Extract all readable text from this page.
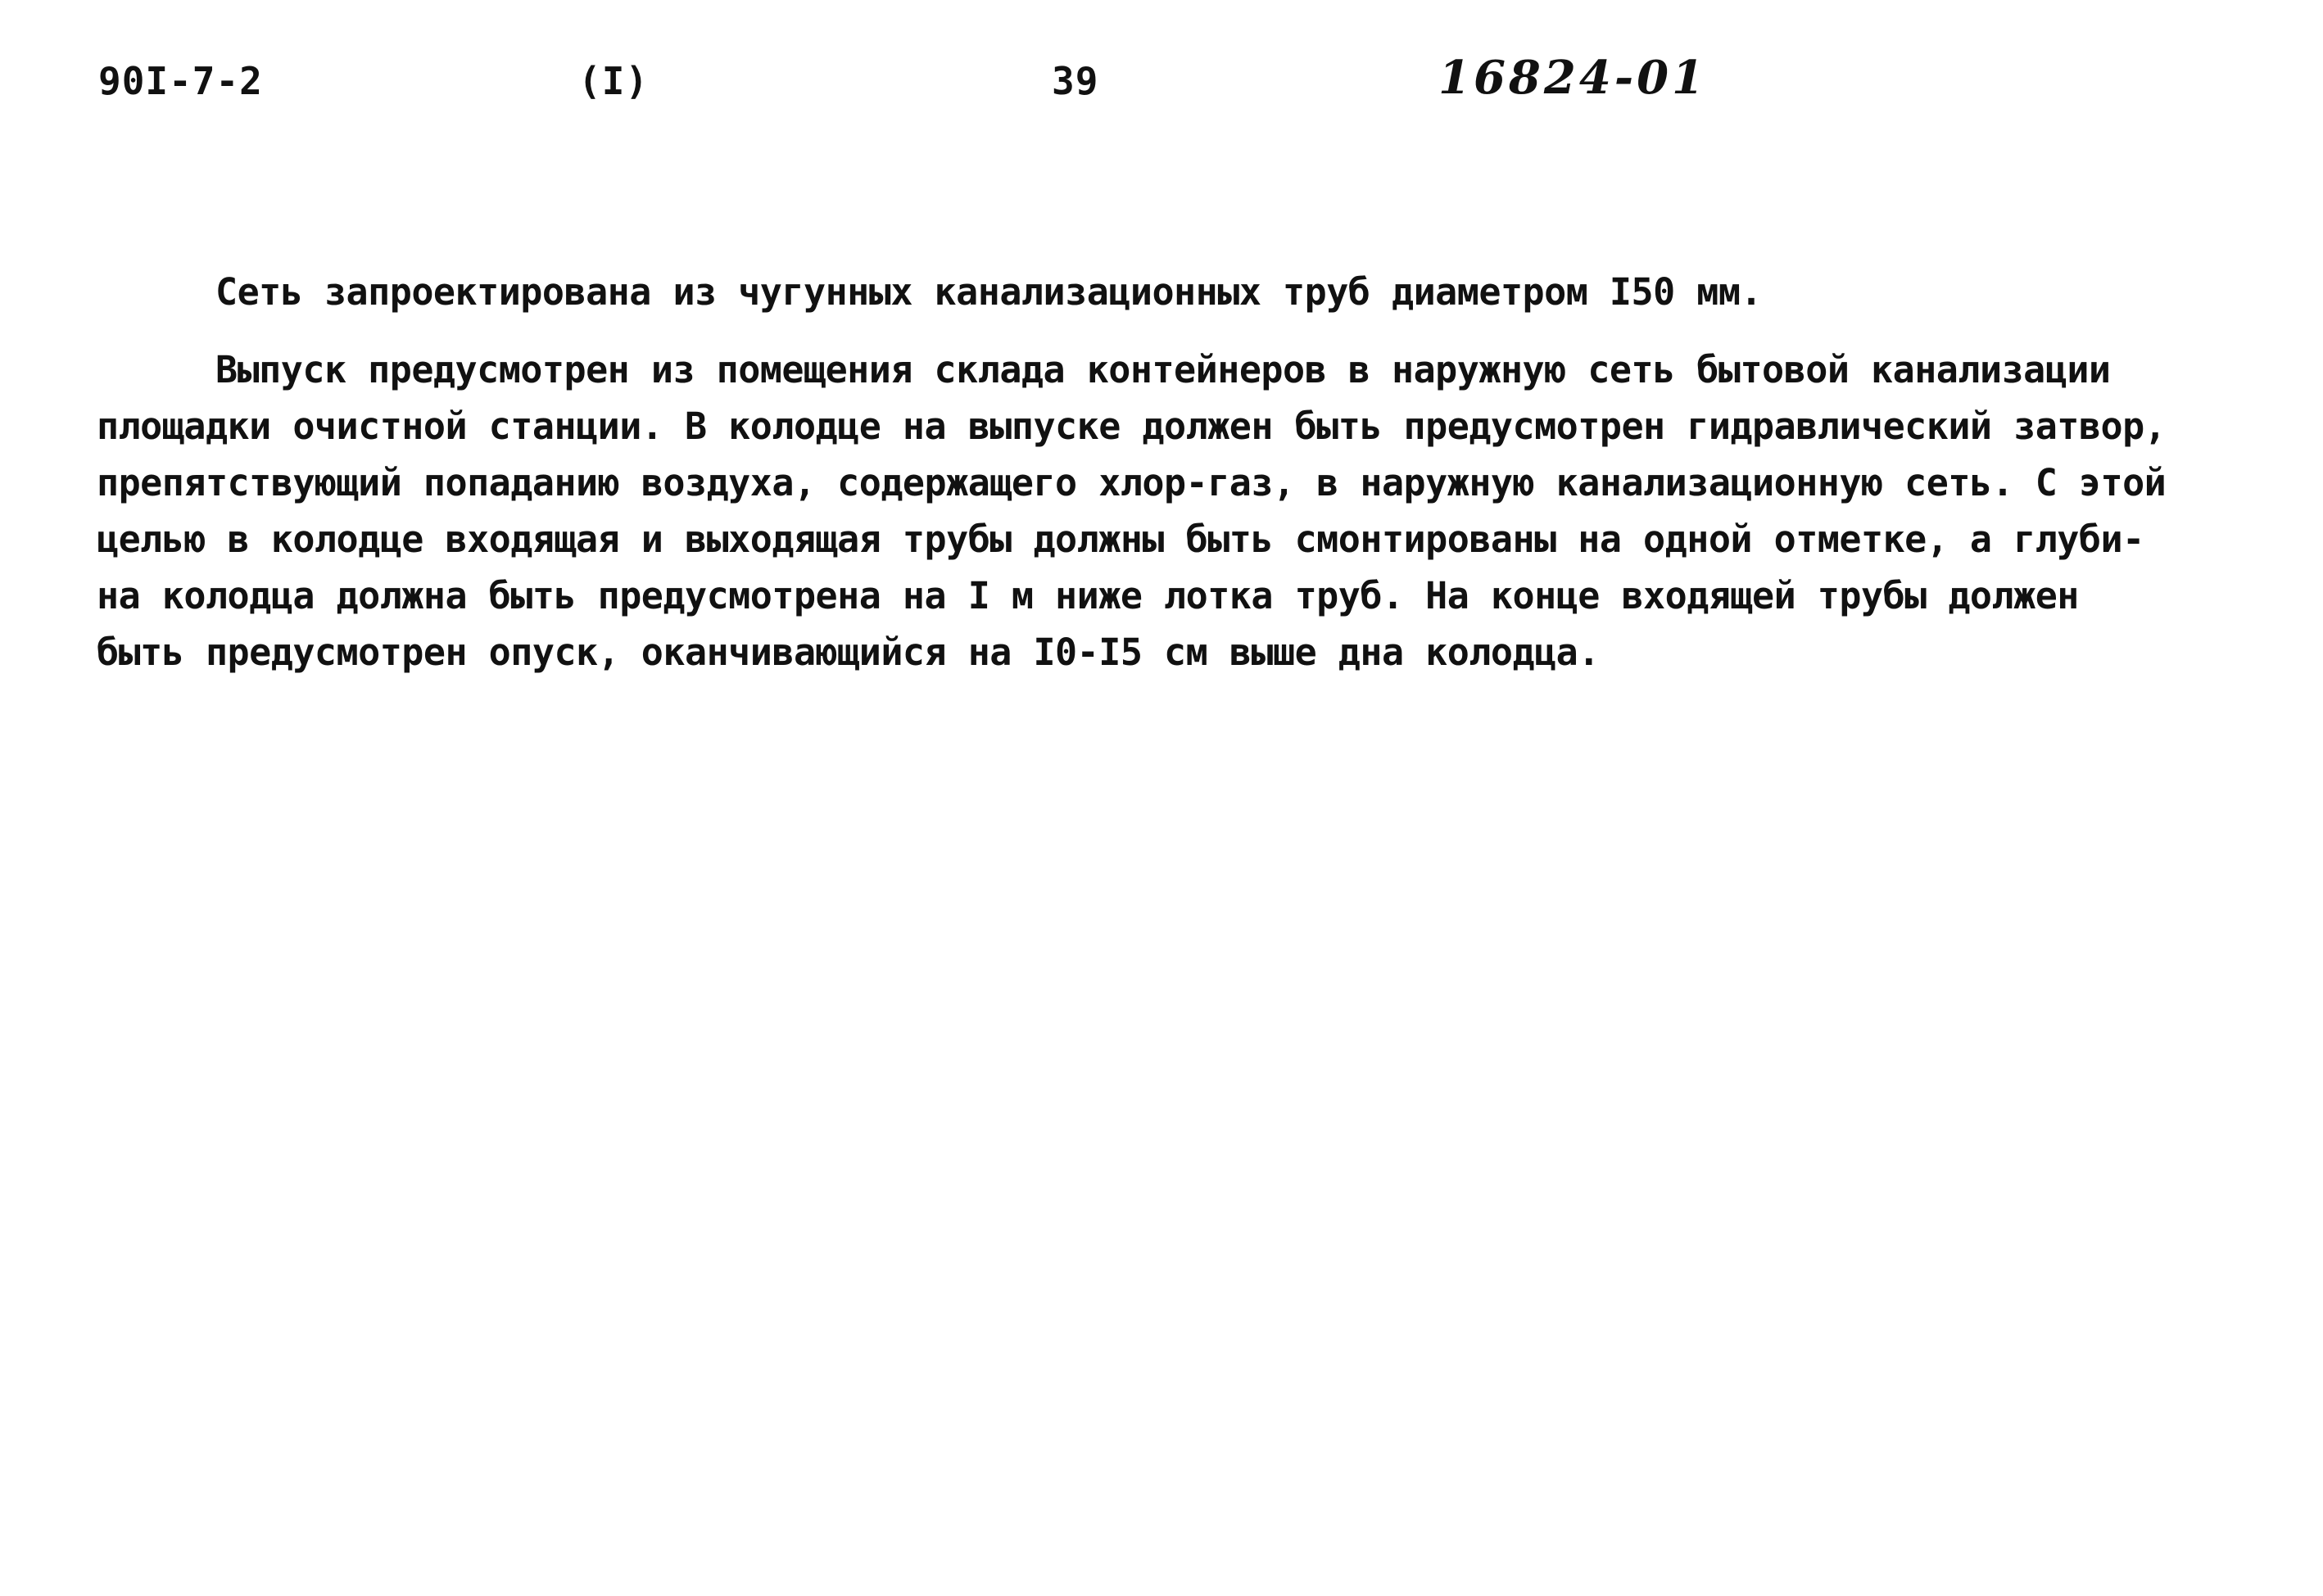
90I-7-2	(I)	39	16824-01
Сеть запроектирована из чугунных канализационных труб диаметром I50 мм.
Выпуск предусмотрен из помещения склада контейнеров в наружную сеть бытовой канализации
площадки очистной станции. В колодце на выпуске должен быть предусмотрен гидравлический затвор,
препятствующий попаданию воздуха, содержащего хлор-газ, в наружную канализационную сеть. С этой
целью в колодце входящая и выходящая трубы должны быть смонтированы на одной отметке, а глуби-
на колодца должна быть предусмотрена на I м ниже лотка труб. На конце входящей трубы должен
быть предусмотрен опуск, оканчивающийся на I0-I5 см выше дна колодца.
